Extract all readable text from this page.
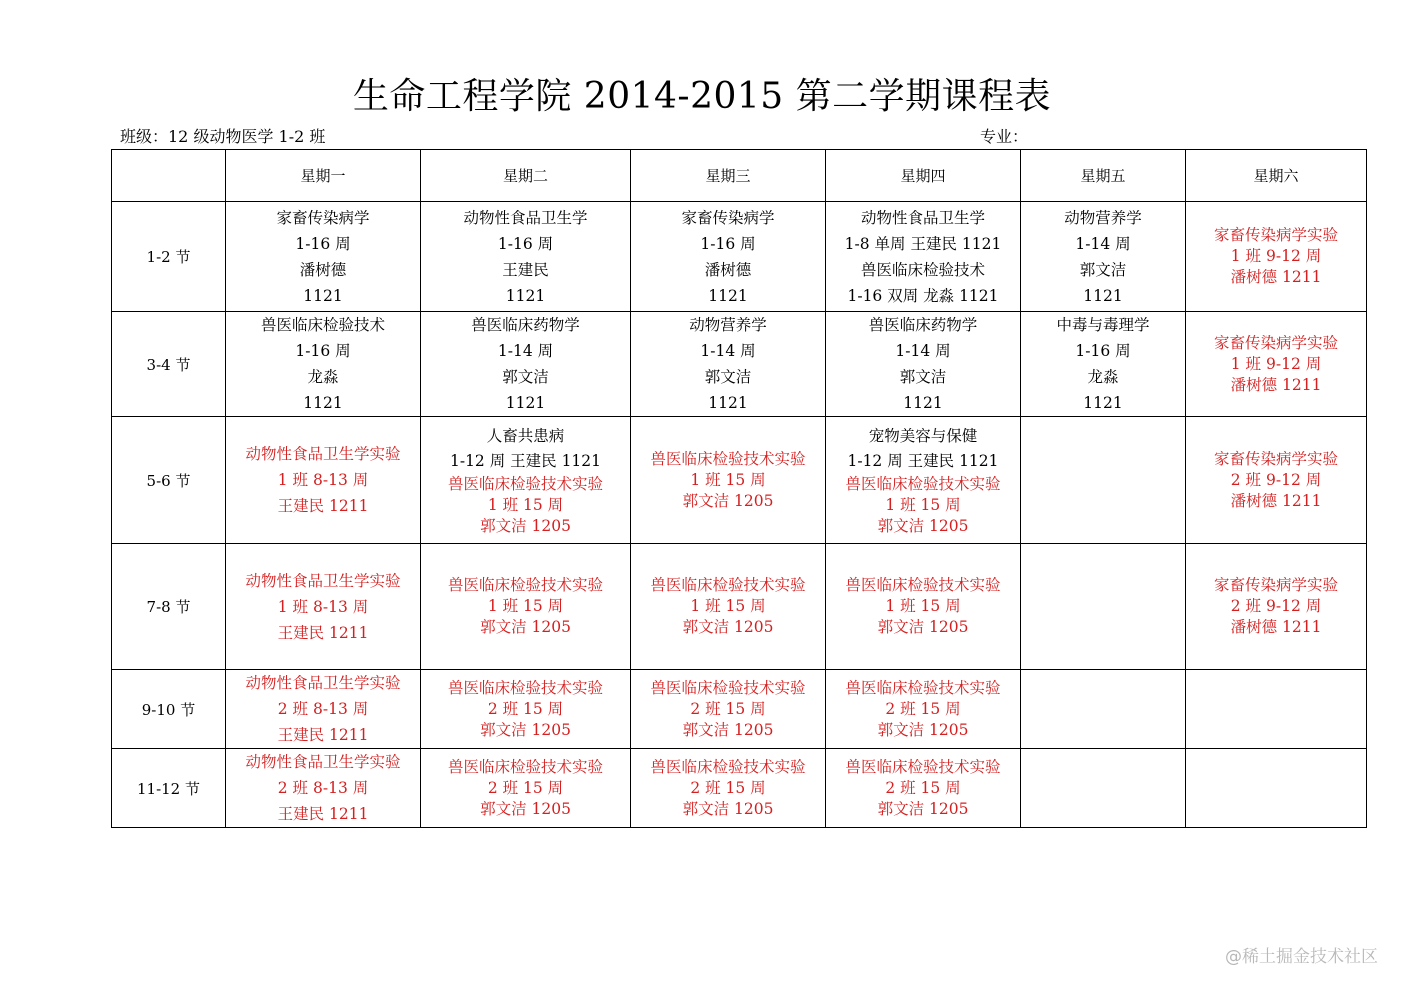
生命工程学院 2014-2015 第二学期课程表
班级：12 级动物医学 1-2 班	专业：
	星期一	星期二	星期三	星期四	星期五	星期六
1-2 节	家畜传染病学
1-16 周
潘树德
1121	动物性食品卫生学
1-16 周
王建民
1121	家畜传染病学
1-16 周
潘树德
1121	动物性食品卫生学
1-8 单周 王建民 1121
兽医临床检验技术
1-16 双周 龙淼 1121	动物营养学
1-14 周
郭文洁
1121	家畜传染病学实验
1 班 9-12 周
潘树德 1211

3-4 节	兽医临床检验技术
1-16 周
龙淼
1121	兽医临床药物学
1-14 周
郭文洁
1121	动物营养学
1-14 周
郭文洁
1121	兽医临床药物学
1-14 周
郭文洁
1121	中毒与毒理学
1-16 周
龙淼
1121	家畜传染病学实验
1 班 9-12 周
潘树德 1211

5-6 节	动物性食品卫生学实验
1 班 8-13 周
王建民 1211	人畜共患病
1-12 周 王建民 1121
兽医临床检验技术实验
1 班 15 周
郭文洁 1205	兽医临床检验技术实验
1 班 15 周
郭文洁 1205	宠物美容与保健
1-12 周 王建民 1121
兽医临床检验技术实验
1 班 15 周
郭文洁 1205		家畜传染病学实验
2 班 9-12 周
潘树德 1211

7-8 节	动物性食品卫生学实验
1 班 8-13 周
王建民 1211	兽医临床检验技术实验
1 班 15 周
郭文洁 1205	兽医临床检验技术实验
1 班 15 周
郭文洁 1205	兽医临床检验技术实验
1 班 15 周
郭文洁 1205		家畜传染病学实验
2 班 9-12 周
潘树德 1211

9-10 节	动物性食品卫生学实验
2 班 8-13 周
王建民 1211	兽医临床检验技术实验
2 班 15 周
郭文洁 1205	兽医临床检验技术实验
2 班 15 周
郭文洁 1205	兽医临床检验技术实验
2 班 15 周
郭文洁 1205		

11-12 节	动物性食品卫生学实验
2 班 8-13 周
王建民 1211	兽医临床检验技术实验
2 班 15 周
郭文洁 1205	兽医临床检验技术实验
2 班 15 周
郭文洁 1205	兽医临床检验技术实验
2 班 15 周
郭文洁 1205		

@稀土掘金技术社区
